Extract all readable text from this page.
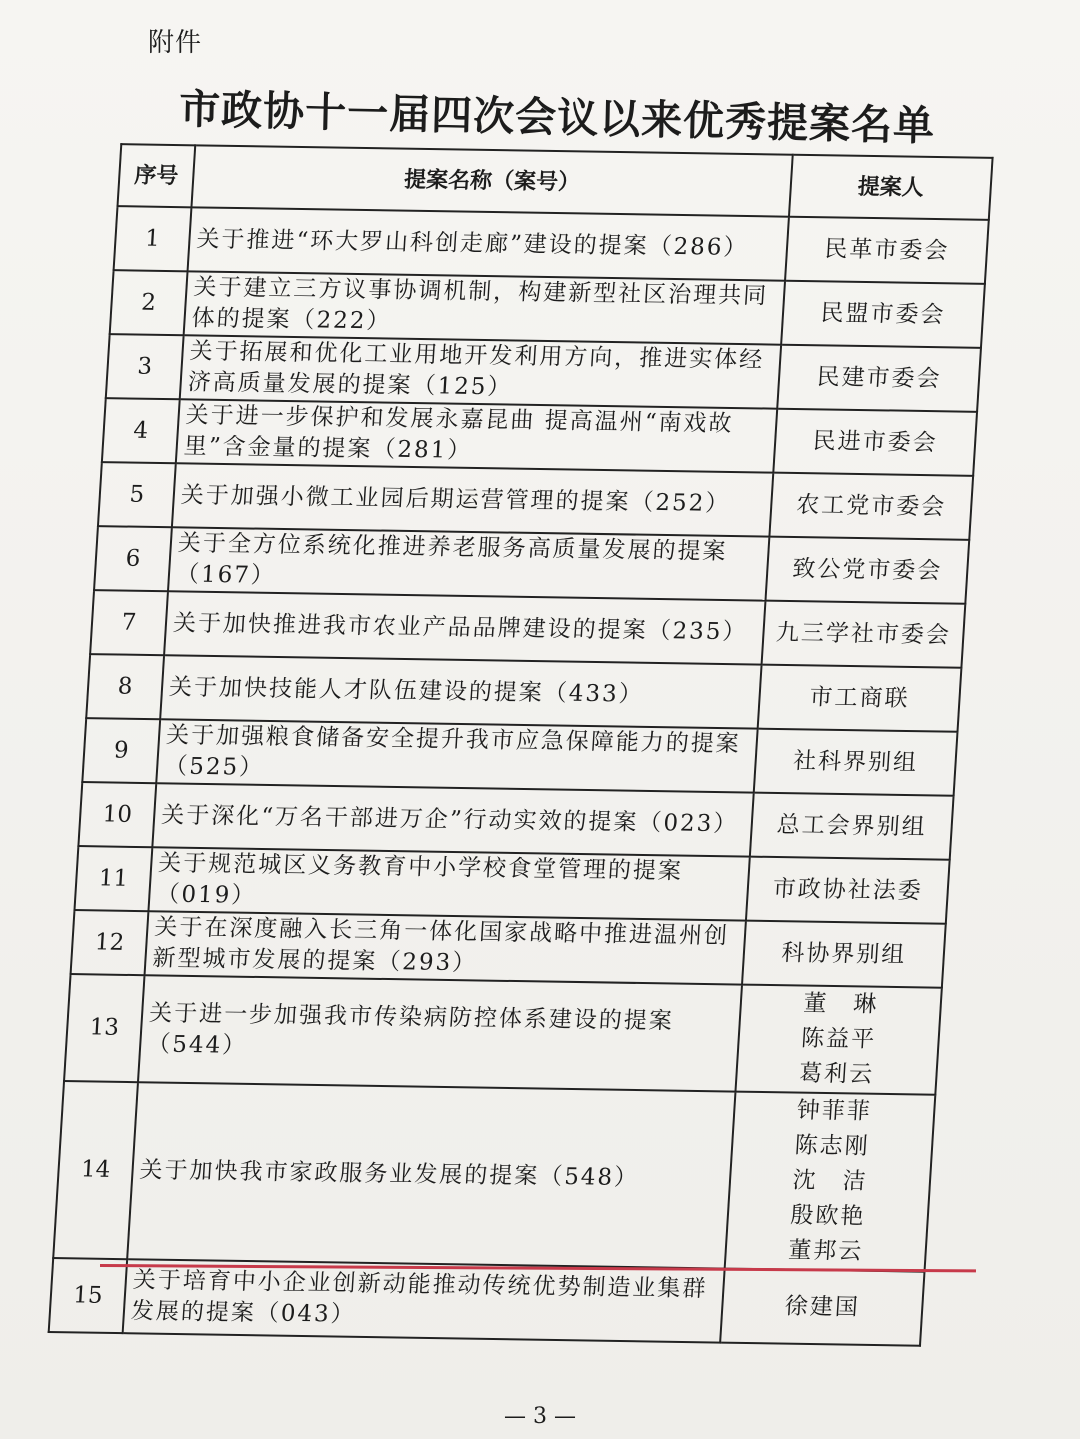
附件
市政协十一届四次会议以来优秀提案名单
序号	提案名称（案号）	提案人
1	关于推进“环大罗山科创走廊”建设的提案（286）	民革市委会

2	关于建立三方议事协调机制，构建新型社区治理共同体的提案（222）	民盟市委会

3	关于拓展和优化工业用地开发利用方向，推进实体经济高质量发展的提案（125）	民建市委会

4	关于进一步保护和发展永嘉昆曲 提高温州“南戏故里”含金量的提案（281）	民进市委会

5	关于加强小微工业园后期运营管理的提案（252）	农工党市委会

6	关于全方位系统化推进养老服务高质量发展的提案（167）	致公党市委会

7	关于加快推进我市农业产品品牌建设的提案（235）	九三学社市委会

8	关于加快技能人才队伍建设的提案（433）	市工商联

9	关于加强粮食储备安全提升我市应急保障能力的提案（525）	社科界别组

10	关于深化“万名干部进万企”行动实效的提案（023）	总工会界别组

11	关于规范城区义务教育中小学校食堂管理的提案（019）	市政协社法委

12	关于在深度融入长三角一体化国家战略中推进温州创新型城市发展的提案（293）	科协界别组

13	关于进一步加强我市传染病防控体系建设的提案（544）	董　琳
陈益平
葛利云

14	关于加快我市家政服务业发展的提案（548）	钟菲菲
陈志刚
沈　洁
殷欧艳
董邦云

15	关于培育中小企业创新动能推动传统优势制造业集群发展的提案（043）	徐建国
— 3 —
